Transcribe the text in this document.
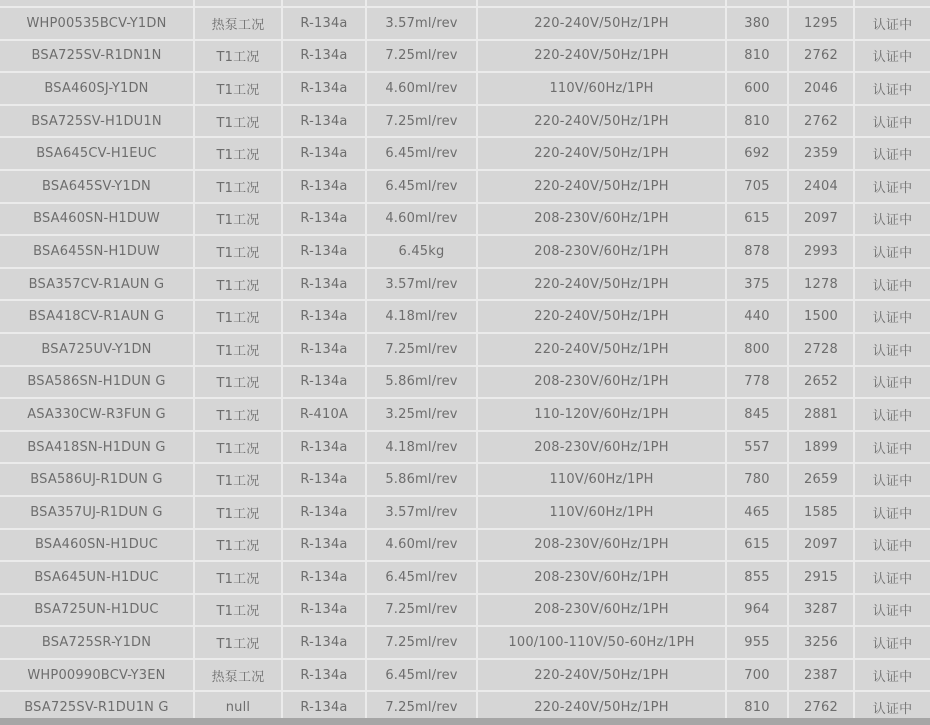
WHP00535BCV-Y1DN	热泵工况	R-134a	3.57ml/rev	220-240V/50Hz/1PH	380	1295	认证中
BSA725SV-R1DN1N	T1工况	R-134a	7.25ml/rev	220-240V/50Hz/1PH	810	2762	认证中
BSA460SJ-Y1DN	T1工况	R-134a	4.60ml/rev	110V/60Hz/1PH	600	2046	认证中
BSA725SV-H1DU1N	T1工况	R-134a	7.25ml/rev	220-240V/50Hz/1PH	810	2762	认证中
BSA645CV-H1EUC	T1工况	R-134a	6.45ml/rev	220-240V/50Hz/1PH	692	2359	认证中
BSA645SV-Y1DN	T1工况	R-134a	6.45ml/rev	220-240V/50Hz/1PH	705	2404	认证中
BSA460SN-H1DUW	T1工况	R-134a	4.60ml/rev	208-230V/60Hz/1PH	615	2097	认证中
BSA645SN-H1DUW	T1工况	R-134a	6.45kg	208-230V/60Hz/1PH	878	2993	认证中
BSA357CV-R1AUN G	T1工况	R-134a	3.57ml/rev	220-240V/50Hz/1PH	375	1278	认证中
BSA418CV-R1AUN G	T1工况	R-134a	4.18ml/rev	220-240V/50Hz/1PH	440	1500	认证中
BSA725UV-Y1DN	T1工况	R-134a	7.25ml/rev	220-240V/50Hz/1PH	800	2728	认证中
BSA586SN-H1DUN G	T1工况	R-134a	5.86ml/rev	208-230V/60Hz/1PH	778	2652	认证中
ASA330CW-R3FUN G	T1工况	R-410A	3.25ml/rev	110-120V/60Hz/1PH	845	2881	认证中
BSA418SN-H1DUN G	T1工况	R-134a	4.18ml/rev	208-230V/60Hz/1PH	557	1899	认证中
BSA586UJ-R1DUN G	T1工况	R-134a	5.86ml/rev	110V/60Hz/1PH	780	2659	认证中
BSA357UJ-R1DUN G	T1工况	R-134a	3.57ml/rev	110V/60Hz/1PH	465	1585	认证中
BSA460SN-H1DUC	T1工况	R-134a	4.60ml/rev	208-230V/60Hz/1PH	615	2097	认证中
BSA645UN-H1DUC	T1工况	R-134a	6.45ml/rev	208-230V/60Hz/1PH	855	2915	认证中
BSA725UN-H1DUC	T1工况	R-134a	7.25ml/rev	208-230V/60Hz/1PH	964	3287	认证中
BSA725SR-Y1DN	T1工况	R-134a	7.25ml/rev	100/100-110V/50-60Hz/1PH	955	3256	认证中
WHP00990BCV-Y3EN	热泵工况	R-134a	6.45ml/rev	220-240V/50Hz/1PH	700	2387	认证中
BSA725SV-R1DU1N G	null	R-134a	7.25ml/rev	220-240V/50Hz/1PH	810	2762	认证中
